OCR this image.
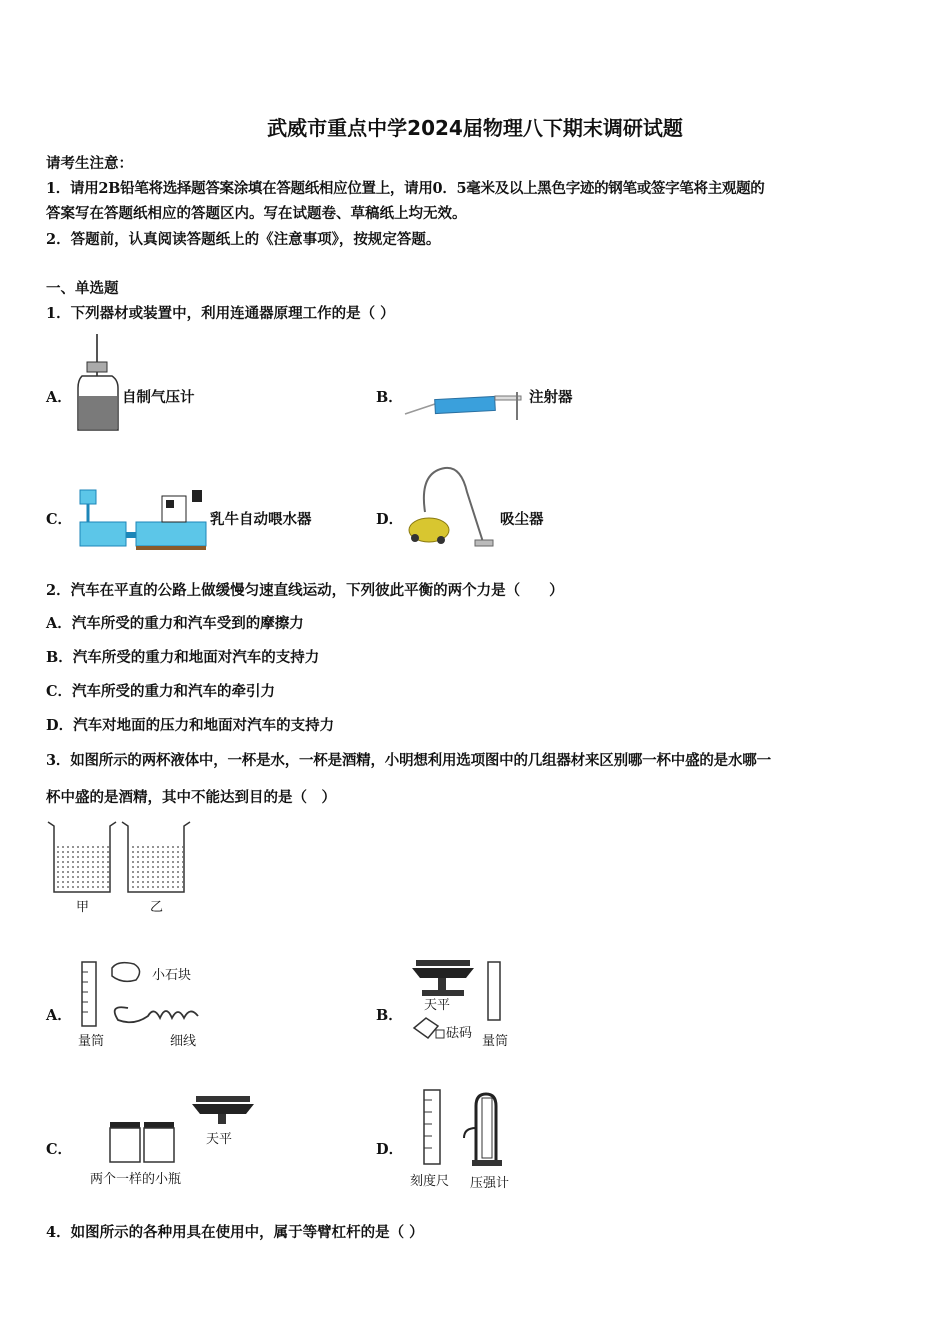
武威市重点中学2024届物理八下期末调研试题
请考生注意：
1．请用2B铅笔将选择题答案涂填在答题纸相应位置上，请用0．5毫米及以上黑色字迹的钢笔或签字笔将主观题的
答案写在答题纸相应的答题区内。写在试题卷、草稿纸上均无效。
2．答题前，认真阅读答题纸上的《注意事项》，按规定答题。
一、单选题
1．下列器材或装置中，利用连通器原理工作的是（ ）
A．	自制气压计	B．	注射器
C．	乳牛自动喂水器	D．	吸尘器
2．汽车在平直的公路上做缓慢匀速直线运动，下列彼此平衡的两个力是（　　）
A．汽车所受的重力和汽车受到的摩擦力
B．汽车所受的重力和地面对汽车的支持力
C．汽车所受的重力和汽车的牵引力
D．汽车对地面的压力和地面对汽车的支持力
3．如图所示的两杯液体中，一杯是水，一杯是酒精，小明想利用选项图中的几组器材来区别哪一杯中盛的是水哪一
杯中盛的是酒精，其中不能达到目的是（　）
甲	乙
A．
小石块
量筒	细线
B．
天平
砝码
量筒
C．
天平
两个一样的小瓶
D．
刻度尺 压强计
4．如图所示的各种用具在使用中，属于等臂杠杆的是（ ）
